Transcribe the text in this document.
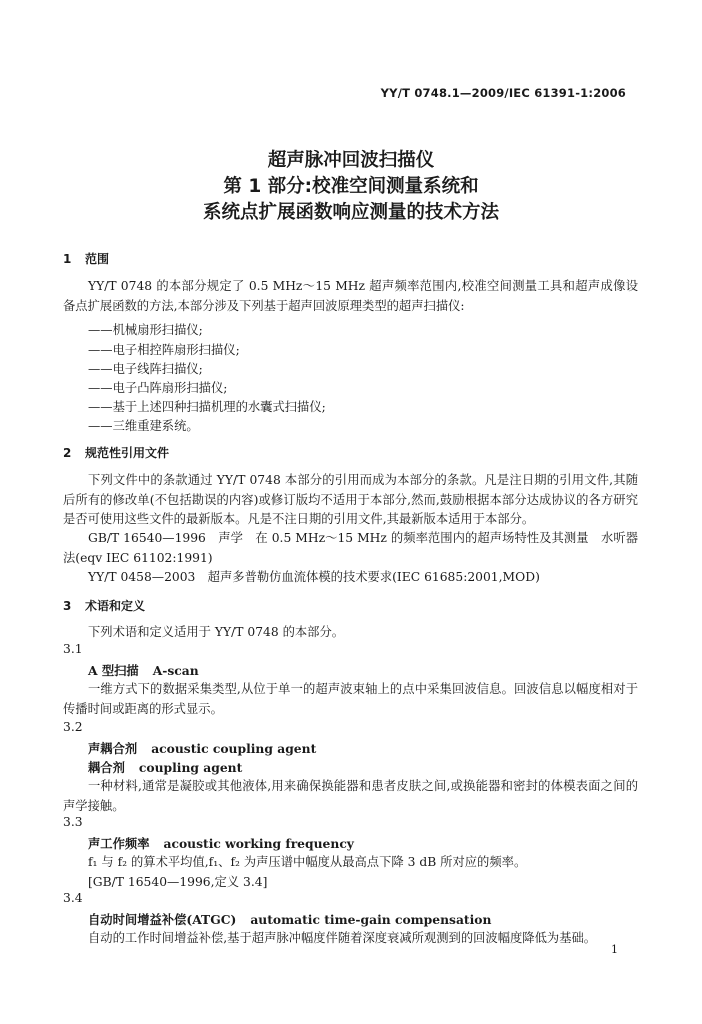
YY/T 0748.1—2009/IEC 61391-1:2006
超声脉冲回波扫描仪
第 1 部分:校准空间测量系统和
系统点扩展函数响应测量的技术方法
1 范围
YY/T 0748 的本部分规定了 0.5 MHz～15 MHz 超声频率范围内,校准空间测量工具和超声成像设备点扩展函数的方法,本部分涉及下列基于超声回波原理类型的超声扫描仪:
——机械扇形扫描仪;
——电子相控阵扇形扫描仪;
——电子线阵扫描仪;
——电子凸阵扇形扫描仪;
——基于上述四种扫描机理的水囊式扫描仪;
——三维重建系统。
2 规范性引用文件
下列文件中的条款通过 YY/T 0748 本部分的引用而成为本部分的条款。凡是注日期的引用文件,其随后所有的修改单(不包括勘误的内容)或修订版均不适用于本部分,然而,鼓励根据本部分达成协议的各方研究是否可使用这些文件的最新版本。凡是不注日期的引用文件,其最新版本适用于本部分。
GB/T 16540—1996　声学　在 0.5 MHz～15 MHz 的频率范围内的超声场特性及其测量　水听器法(eqv IEC 61102:1991)
YY/T 0458—2003　超声多普勒仿血流体模的技术要求(IEC 61685:2001,MOD)
3 术语和定义
下列术语和定义适用于 YY/T 0748 的本部分。
3.1
A 型扫描 A-scan
一维方式下的数据采集类型,从位于单一的超声波束轴上的点中采集回波信息。回波信息以幅度相对于传播时间或距离的形式显示。
3.2
声耦合剂 acoustic coupling agent
耦合剂 coupling agent
一种材料,通常是凝胶或其他液体,用来确保换能器和患者皮肤之间,或换能器和密封的体模表面之间的声学接触。
3.3
声工作频率 acoustic working frequency
f₁ 与 f₂ 的算术平均值,f₁、f₂ 为声压谱中幅度从最高点下降 3 dB 所对应的频率。
[GB/T 16540—1996,定义 3.4]
3.4
自动时间增益补偿(ATGC) automatic time-gain compensation
自动的工作时间增益补偿,基于超声脉冲幅度伴随着深度衰减所观测到的回波幅度降低为基础。
1
